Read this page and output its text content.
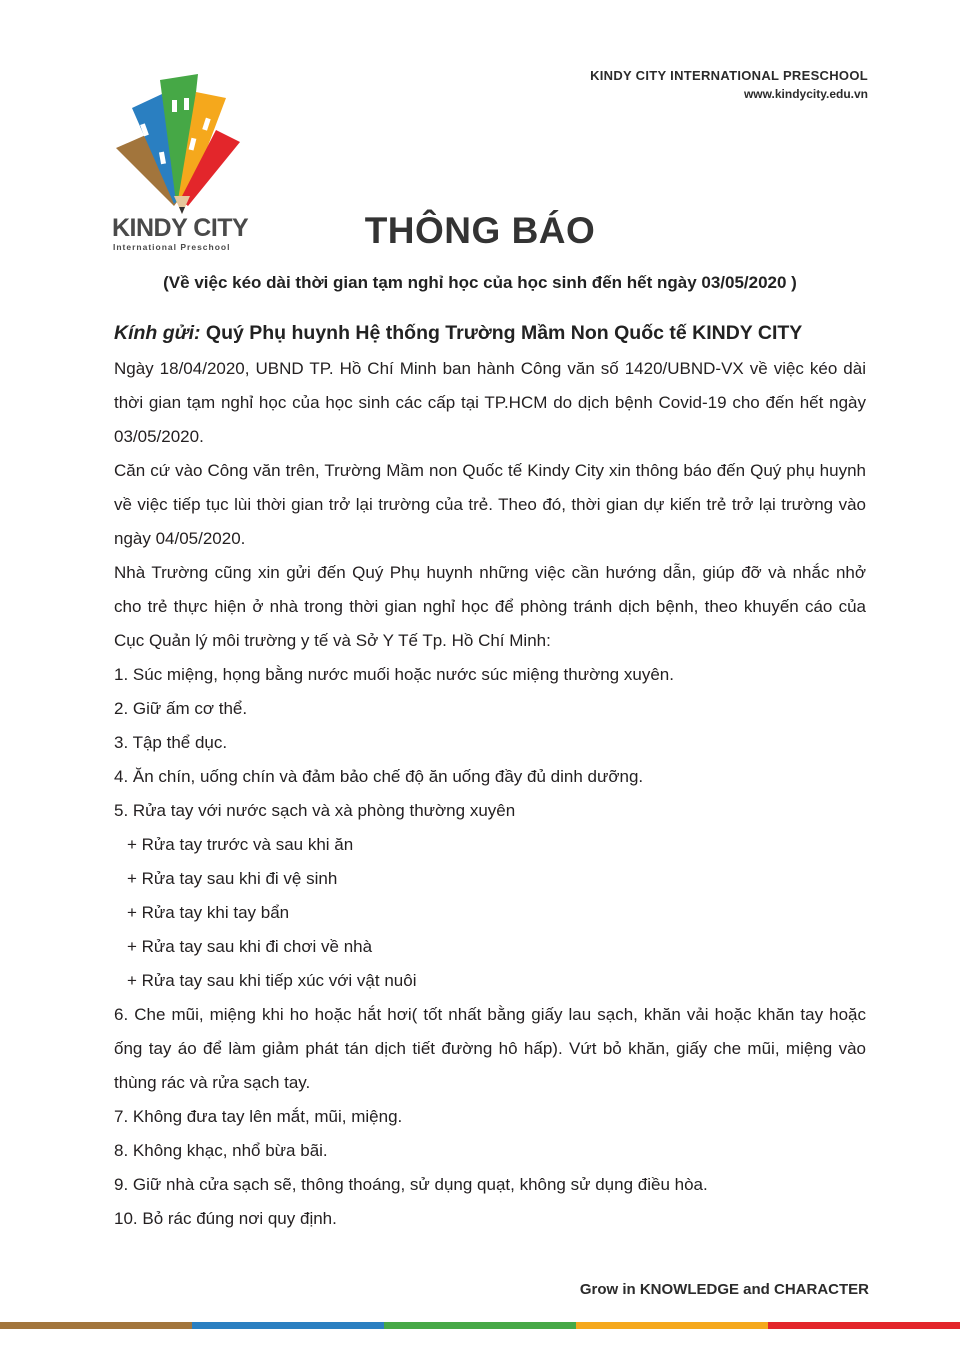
KINDY CITY
International Preschool
KINDY CITY INTERNATIONAL PRESCHOOL
www.kindycity.edu.vn
THÔNG BÁO
(Về việc kéo dài thời gian tạm nghỉ học của học sinh đến hết ngày 03/05/2020 )
Kính gửi: Quý Phụ huynh Hệ thống Trường Mầm Non Quốc tế KINDY CITY

Ngày 18/04/2020, UBND TP. Hồ Chí Minh ban hành Công văn số 1420/UBND-VX về việc kéo dài thời gian tạm nghỉ học của học sinh các cấp tại TP.HCM do dịch bệnh Covid-19 cho đến hết ngày 03/05/2020.

Căn cứ vào Công văn trên, Trường Mầm non Quốc tế Kindy City xin thông báo đến Quý phụ huynh về việc tiếp tục lùi thời gian trở lại trường của trẻ. Theo đó, thời gian dự kiến trẻ trở lại trường vào ngày 04/05/2020.

Nhà Trường cũng xin gửi đến Quý Phụ huynh những việc cần hướng dẫn, giúp đỡ và nhắc nhở cho trẻ thực hiện ở nhà trong thời gian nghỉ học để phòng tránh dịch bệnh, theo khuyến cáo của Cục Quản lý môi trường y tế và Sở Y Tế Tp. Hồ Chí Minh:

1. Súc miệng, họng bằng nước muối hoặc nước súc miệng thường xuyên.

2. Giữ ấm cơ thể.

3. Tập thể dục.

4. Ăn chín, uống chín và đảm bảo chế độ ăn uống đầy đủ dinh dưỡng.

5. Rửa tay với nước sạch và xà phòng thường xuyên

+ Rửa tay trước và sau khi ăn

+ Rửa tay sau khi đi vệ sinh

+ Rửa tay khi tay bẩn

+ Rửa tay sau khi đi chơi về nhà

+ Rửa tay sau khi tiếp xúc với vật nuôi

6. Che mũi, miệng khi ho hoặc hắt hơi( tốt nhất bằng giấy lau sạch, khăn vải hoặc khăn tay hoặc ống tay áo để làm giảm phát tán dịch tiết đường hô hấp). Vứt bỏ khăn, giấy che mũi, miệng vào thùng rác và rửa sạch tay.

7. Không đưa tay lên mắt, mũi, miệng.

8. Không khạc, nhổ bừa bãi.

9. Giữ nhà cửa sạch sẽ, thông thoáng, sử dụng quạt, không sử dụng điều hòa.

10. Bỏ rác đúng nơi quy định.

Grow in KNOWLEDGE and CHARACTER
